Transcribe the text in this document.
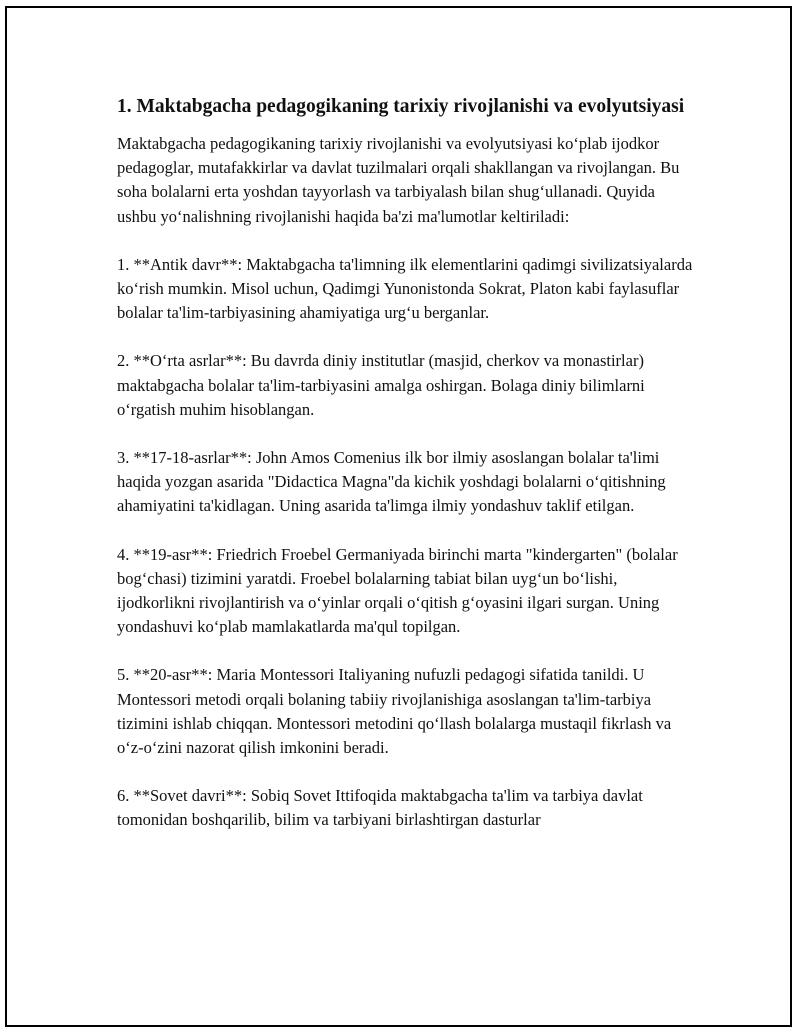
1. Maktabgacha pedagogikaning tarixiy rivojlanishi va evolyutsiyasi

Maktabgacha pedagogikaning tarixiy rivojlanishi va evolyutsiyasi ko‘plab ijodkor pedagoglar, mutafakkirlar va davlat tuzilmalari orqali shakllangan va rivojlangan. Bu soha bolalarni erta yoshdan tayyorlash va tarbiyalash bilan shug‘ullanadi. Quyida ushbu yo‘nalishning rivojlanishi haqida ba'zi ma'lumotlar keltiriladi:

1. **Antik davr**: Maktabgacha ta'limning ilk elementlarini qadimgi sivilizatsiyalarda ko‘rish mumkin. Misol uchun, Qadimgi Yunonistonda Sokrat, Platon kabi faylasuflar bolalar ta'lim-tarbiyasining ahamiyatiga urg‘u berganlar.

2. **O‘rta asrlar**: Bu davrda diniy institutlar (masjid, cherkov va monastirlar) maktabgacha bolalar ta'lim-tarbiyasini amalga oshirgan. Bolaga diniy bilimlarni o‘rgatish muhim hisoblangan.

3. **17-18-asrlar**: John Amos Comenius ilk bor ilmiy asoslangan bolalar ta'limi haqida yozgan asarida "Didactica Magna"da kichik yoshdagi bolalarni o‘qitishning ahamiyatini ta'kidlagan. Uning asarida ta'limga ilmiy yondashuv taklif etilgan.

4. **19-asr**: Friedrich Froebel Germaniyada birinchi marta "kindergarten" (bolalar bog‘chasi) tizimini yaratdi. Froebel bolalarning tabiat bilan uyg‘un bo‘lishi, ijodkorlikni rivojlantirish va o‘yinlar orqali o‘qitish g‘oyasini ilgari surgan. Uning yondashuvi ko‘plab mamlakatlarda ma'qul topilgan.

5. **20-asr**: Maria Montessori Italiyaning nufuzli pedagogi sifatida tanildi. U Montessori metodi orqali bolaning tabiiy rivojlanishiga asoslangan ta'lim-tarbiya tizimini ishlab chiqqan. Montessori metodini qo‘llash bolalarga mustaqil fikrlash va o‘z-o‘zini nazorat qilish imkonini beradi.

6. **Sovet davri**: Sobiq Sovet Ittifoqida maktabgacha ta'lim va tarbiya davlat tomonidan boshqarilib, bilim va tarbiyani birlashtirgan dasturlar
